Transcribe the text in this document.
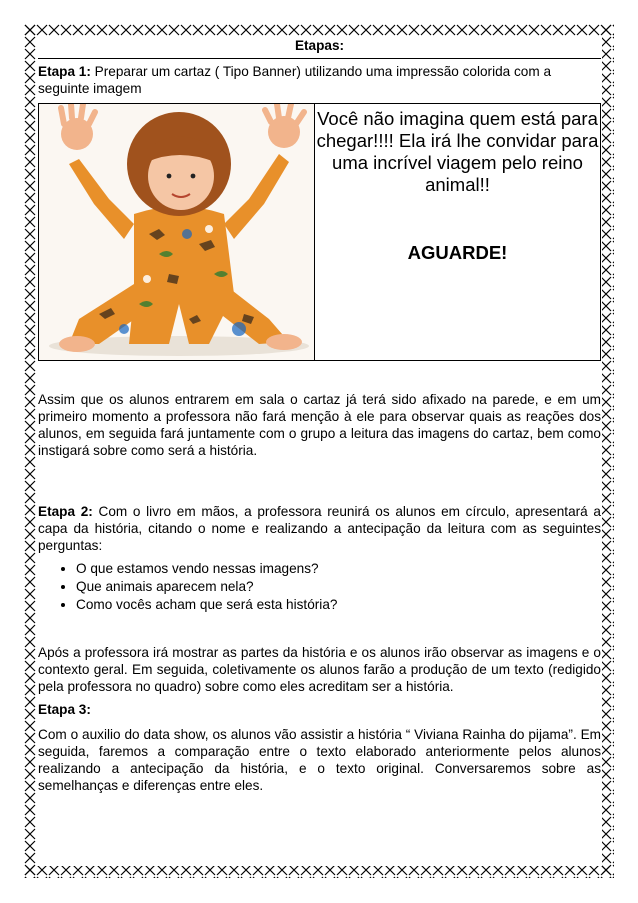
Etapas:
Etapa 1: Preparar um cartaz ( Tipo Banner) utilizando uma impressão colorida com a seguinte imagem
Você não imagina quem está para chegar!!!! Ela irá lhe convidar para uma incrível viagem pelo reino animal!!
AGUARDE!

Assim que os alunos entrarem em sala o cartaz já terá sido afixado na parede, e em um primeiro momento a professora não fará menção à ele para observar quais as reações dos alunos, em seguida fará juntamente com o grupo a leitura das imagens do cartaz, bem como instigará sobre como será a história.

Etapa 2: Com o livro em mãos, a professora reunirá os alunos em círculo, apresentará a capa da história, citando o nome e realizando a antecipação da leitura com as seguintes perguntas:

• O que estamos vendo nessas imagens?
• Que animais aparecem nela?
• Como vocês acham que será esta história?

Após a professora irá mostrar as partes da história e os alunos irão observar as imagens e o contexto geral. Em seguida, coletivamente os alunos farão a produção de um texto (redigido pela professora no quadro) sobre como eles acreditam ser a história.

Etapa 3:

Com o auxilio do data show, os alunos vão assistir a história “ Viviana Rainha do pijama”. Em seguida, faremos a comparação entre o texto elaborado anteriormente pelos alunos realizando a antecipação da história, e o texto original. Conversaremos sobre as semelhanças e diferenças entre eles.
